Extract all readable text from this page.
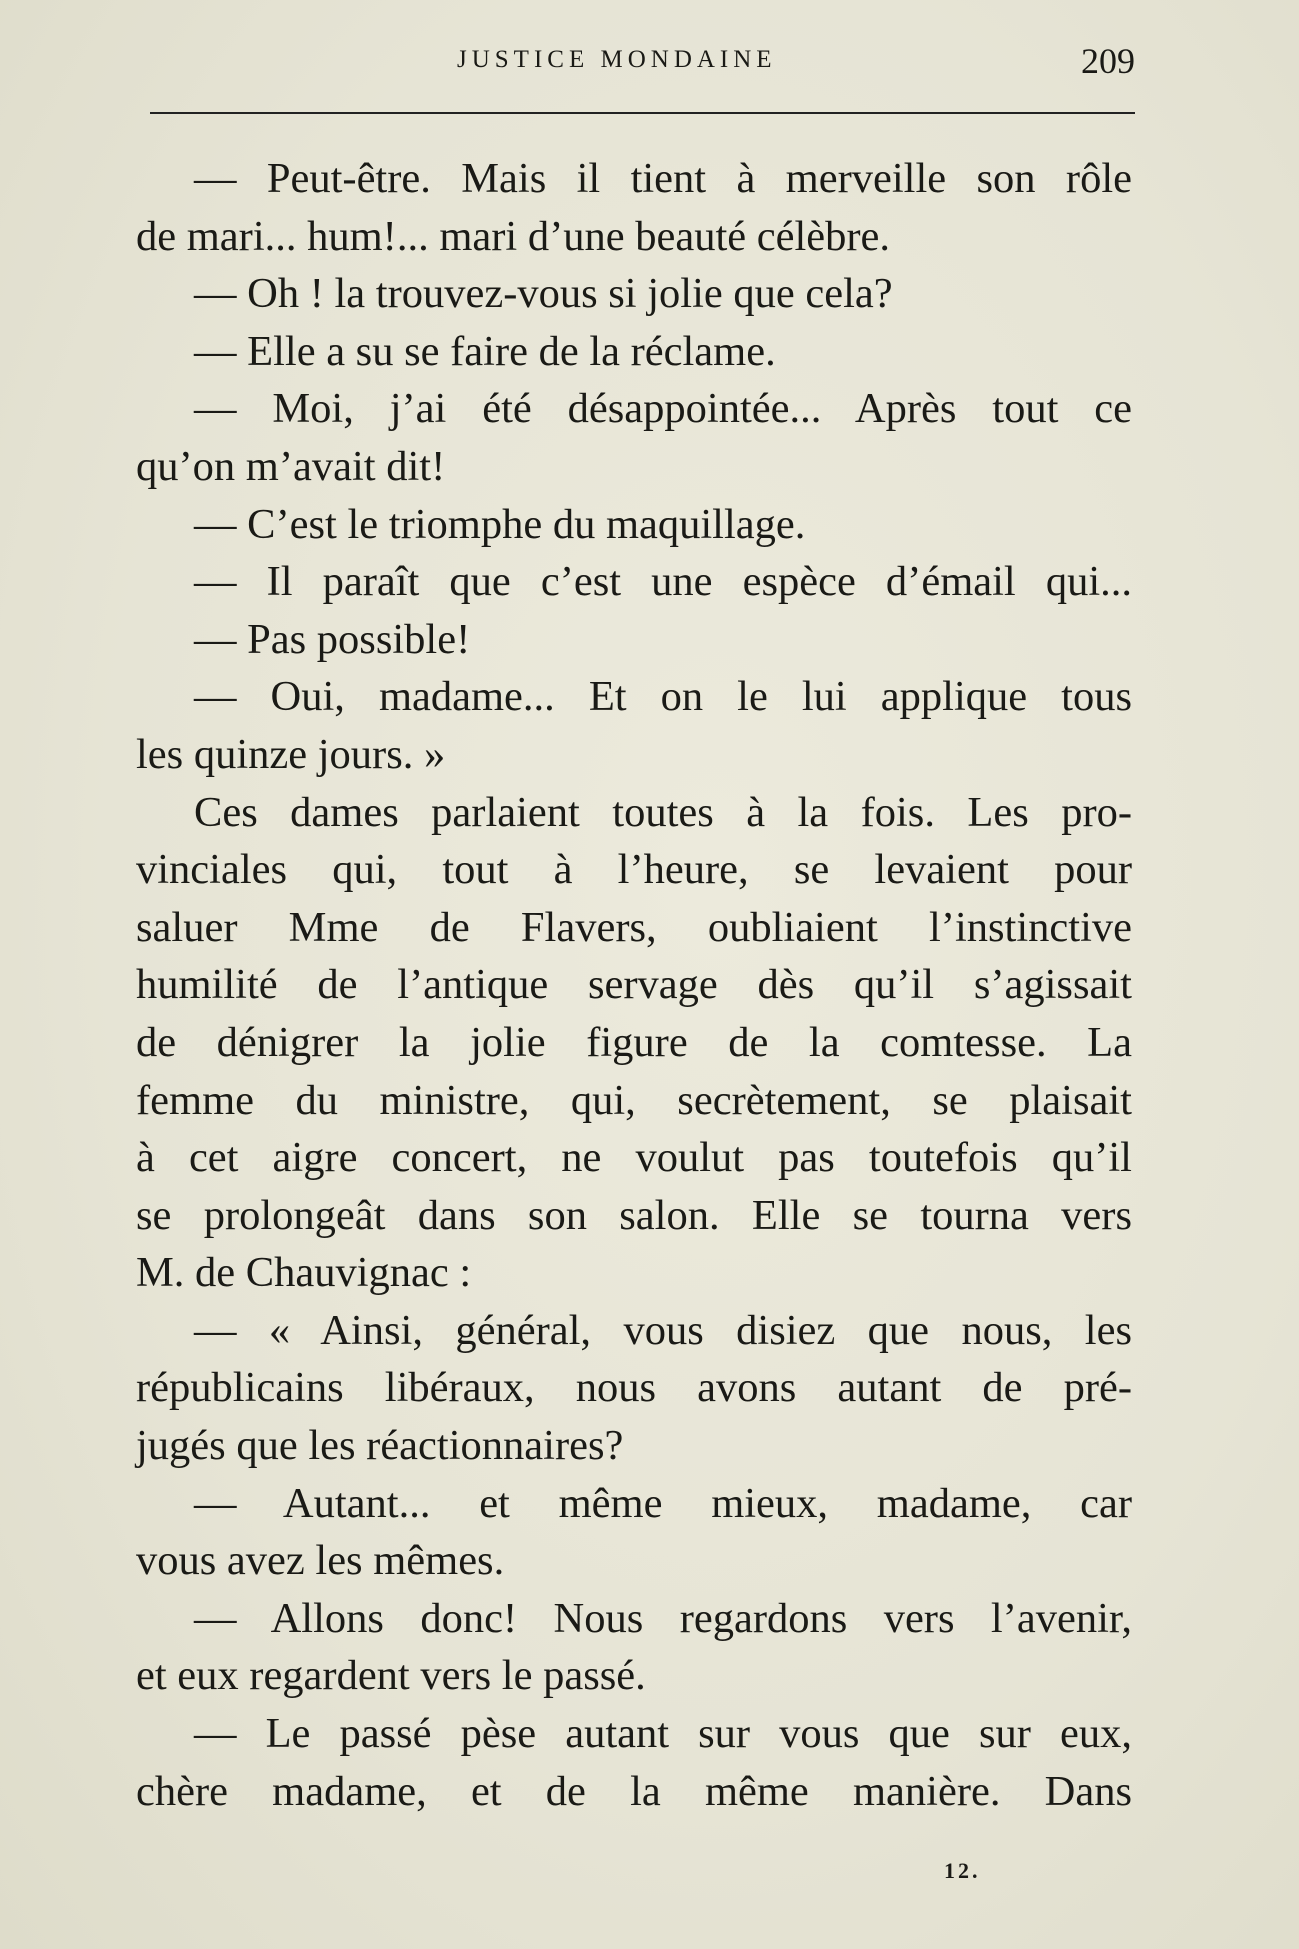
JUSTICE MONDAINE	209
— Peut-être. Mais il tient à merveille son rôle
de mari... hum!... mari d’une beauté célèbre.
— Oh ! la trouvez-vous si jolie que cela?
— Elle a su se faire de la réclame.
— Moi, j’ai été désappointée... Après tout ce
qu’on m’avait dit!
— C’est le triomphe du maquillage.
— Il paraît que c’est une espèce d’émail qui...
— Pas possible!
— Oui, madame... Et on le lui applique tous
les quinze jours. »
Ces dames parlaient toutes à la fois. Les pro-
vinciales qui, tout à l’heure, se levaient pour
saluer Mme de Flavers, oubliaient l’instinctive
humilité de l’antique servage dès qu’il s’agissait
de dénigrer la jolie figure de la comtesse. La
femme du ministre, qui, secrètement, se plaisait
à cet aigre concert, ne voulut pas toutefois qu’il
se prolongeât dans son salon. Elle se tourna vers
M. de Chauvignac :
— « Ainsi, général, vous disiez que nous, les
républicains libéraux, nous avons autant de pré-
jugés que les réactionnaires?
— Autant... et même mieux, madame, car
vous avez les mêmes.
— Allons donc! Nous regardons vers l’avenir,
et eux regardent vers le passé.
— Le passé pèse autant sur vous que sur eux,
chère madame, et de la même manière. Dans
12.
